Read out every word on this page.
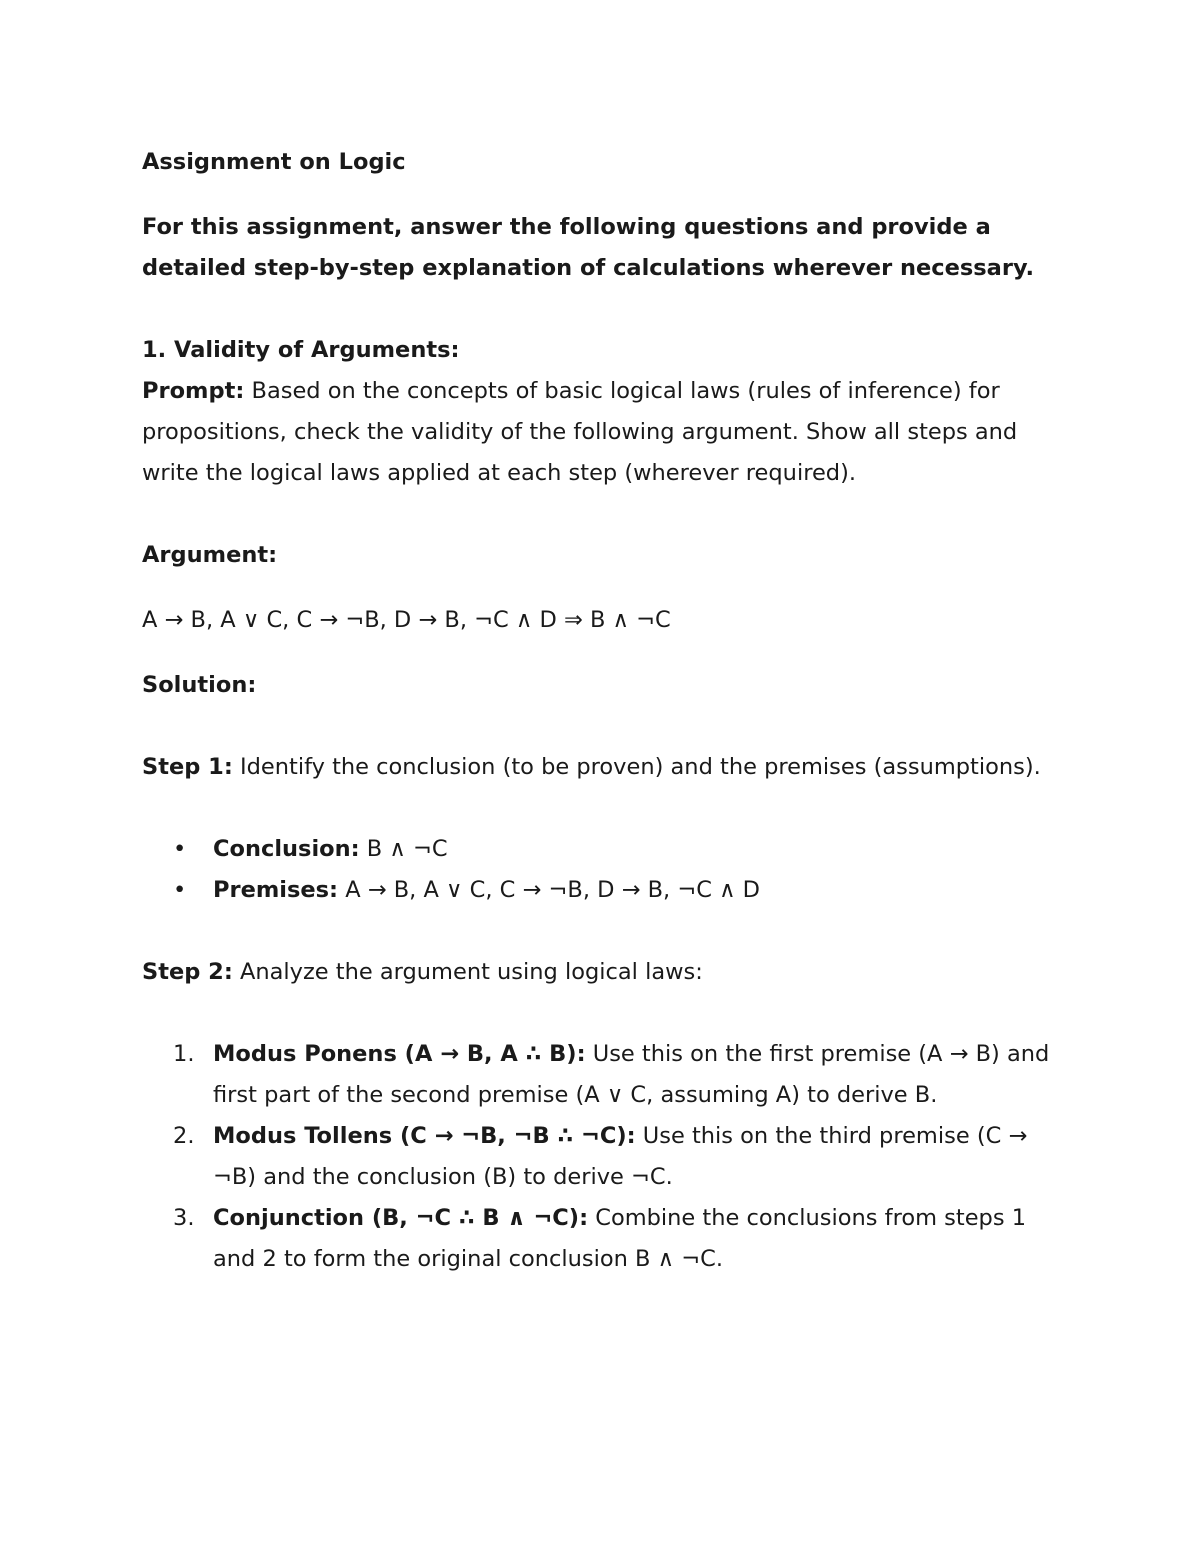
Assignment on Logic

For this assignment, answer the following questions and provide a detailed step-by-step explanation of calculations wherever necessary.

1. Validity of Arguments:

Prompt: Based on the concepts of basic logical laws (rules of inference) for propositions, check the validity of the following argument. Show all steps and write the logical laws applied at each step (wherever required).

Argument:

A → B, A ∨ C, C → ¬B, D → B, ¬C ∧ D ⇒ B ∧ ¬C

Solution:

Step 1: Identify the conclusion (to be proven) and the premises (assumptions).

• Conclusion: B ∧ ¬C
• Premises: A → B, A ∨ C, C → ¬B, D → B, ¬C ∧ D

Step 2: Analyze the argument using logical laws:

1. Modus Ponens (A → B, A ∴ B): Use this on the first premise (A → B) and first part of the second premise (A ∨ C, assuming A) to derive B.
2. Modus Tollens (C → ¬B, ¬B ∴ ¬C): Use this on the third premise (C → ¬B) and the conclusion (B) to derive ¬C.
3. Conjunction (B, ¬C ∴ B ∧ ¬C): Combine the conclusions from steps 1 and 2 to form the original conclusion B ∧ ¬C.
